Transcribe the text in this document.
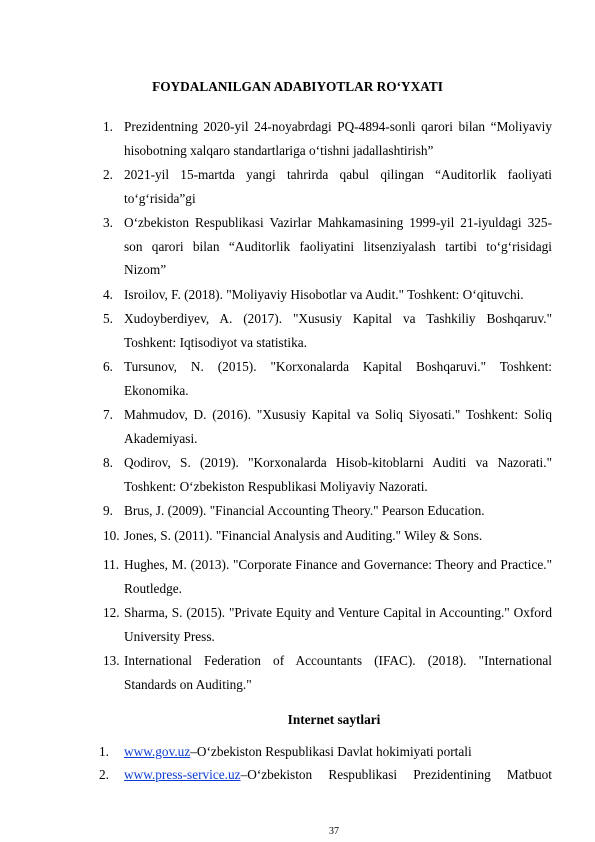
FOYDALANILGAN ADABIYOTLAR RO‘YXATI
1. Prezidentning 2020-yil 24-noyabrdagi PQ-4894-sonli qarori bilan “Moliyaviy hisobotning xalqaro standartlariga o‘tishni jadallashtirish”
2. 2021-yil 15-martda yangi tahrirda qabul qilingan “Auditorlik faoliyati to‘g‘risida”gi
3. O‘zbekiston Respublikasi Vazirlar Mahkamasining 1999-yil 21-iyuldagi 325-son qarori bilan “Auditorlik faoliyatini litsenziyalash tartibi to‘g‘risidagi Nizom”
4. Isroilov, F. (2018). "Moliyaviy Hisobotlar va Audit." Toshkent: O‘qituvchi.
5. Xudoyberdiyev, A. (2017). "Xususiy Kapital va Tashkiliy Boshqaruv." Toshkent: Iqtisodiyot va statistika.
6. Tursunov, N. (2015). "Korxonalarda Kapital Boshqaruvi." Toshkent: Ekonomika.
7. Mahmudov, D. (2016). "Xususiy Kapital va Soliq Siyosati." Toshkent: Soliq Akademiyasi.
8. Qodirov, S. (2019). "Korxonalarda Hisob-kitoblarni Auditi va Nazorati." Toshkent: O‘zbekiston Respublikasi Moliyaviy Nazorati.
9. Brus, J. (2009). "Financial Accounting Theory." Pearson Education.
10. Jones, S. (2011). "Financial Analysis and Auditing." Wiley & Sons.
11. Hughes, M. (2013). "Corporate Finance and Governance: Theory and Practice." Routledge.
12. Sharma, S. (2015). "Private Equity and Venture Capital in Accounting." Oxford University Press.
13. International Federation of Accountants (IFAC). (2018). "International Standards on Auditing."
Internet saytlari
1. www.gov.uz–O‘zbekiston Respublikasi Davlat hokimiyati portali
2. www.press-service.uz–O‘zbekiston Respublikasi Prezidentining Matbuot
37
